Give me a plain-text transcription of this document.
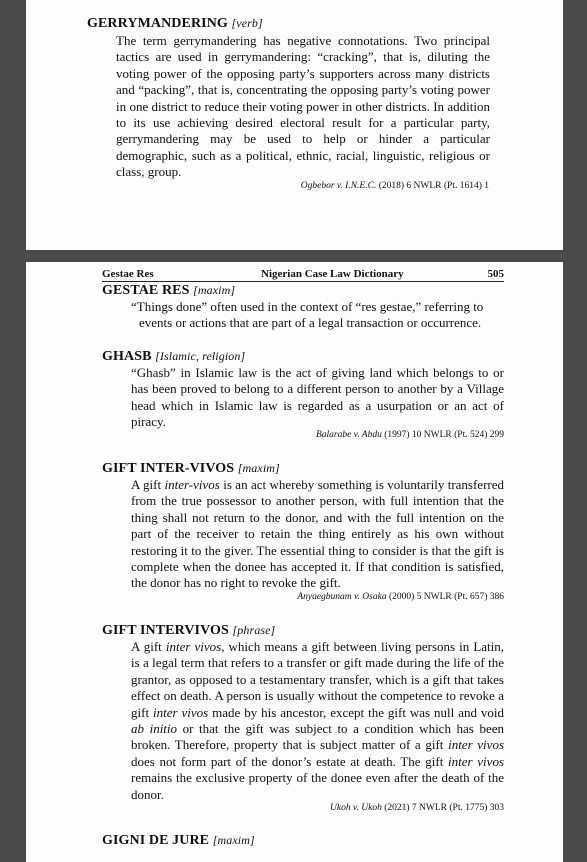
GERRYMANDERING [verb]
The term gerrymandering has negative connotations. Two principal tactics are used in gerrymandering: “cracking”, that is, diluting the voting power of the opposing party’s supporters across many districts and “packing”, that is, concentrating the opposing party’s voting power in one district to reduce their voting power in other districts. In addition to its use achieving desired electoral result for a particular party, gerrymandering may be used to help or hinder a particular demographic, such as a political, ethnic, racial, linguistic, religious or class, group.
Ogbebor v. I.N.E.C. (2018) 6 NWLR (Pt. 1614) 1
Gestae Res	Nigerian Case Law Dictionary	505
GESTAE RES [maxim]
“Things done” often used in the context of “res gestae,” referring to events or actions that are part of a legal transaction or occurrence.
GHASB [Islamic, religion]
“Ghasb” in Islamic law is the act of giving land which belongs to or has been proved to belong to a different person to another by a Village head which in Islamic law is regarded as a usurpation or an act of piracy.
Balarabe v. Abdu (1997) 10 NWLR (Pt. 524) 299
GIFT INTER-VIVOS [maxim]
A gift inter-vivos is an act whereby something is voluntarily transferred from the true possessor to another person, with full intention that the thing shall not return to the donor, and with the full intention on the part of the receiver to retain the thing entirely as his own without restoring it to the giver. The essential thing to consider is that the gift is complete when the donee has accepted it. If that condition is satisfied, the donor has no right to revoke the gift.
Anyaegbunam v. Osaka (2000) 5 NWLR (Pt. 657) 386
GIFT INTERVIVOS [phrase]
A gift inter vivos, which means a gift between living persons in Latin, is a legal term that refers to a transfer or gift made during the life of the grantor, as opposed to a testamentary transfer, which is a gift that takes effect on death. A person is usually without the competence to revoke a gift inter vivos made by his ancestor, except the gift was null and void ab initio or that the gift was subject to a condition which has been broken. Therefore, property that is subject matter of a gift inter vivos does not form part of the donor’s estate at death. The gift inter vivos remains the exclusive property of the donee even after the death of the donor.
Ukoh v. Ukoh (2021) 7 NWLR (Pt. 1775) 303
GIGNI DE JURE [maxim]
